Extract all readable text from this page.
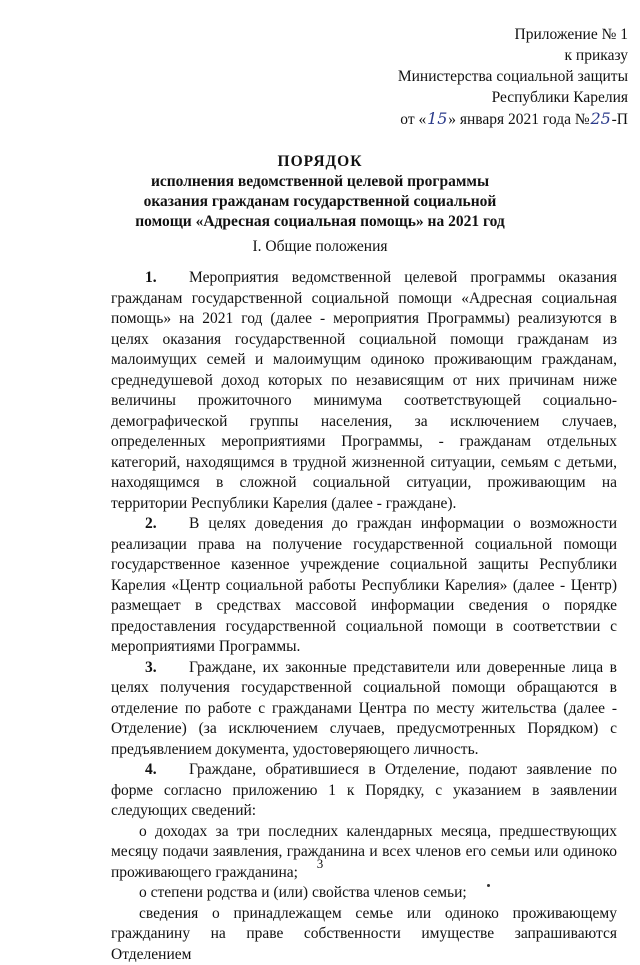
Приложение № 1
к приказу
Министерства социальной защиты
Республики Карелия
от «15» января 2021 года №25-П
ПОРЯДОК
исполнения ведомственной целевой программы
оказания гражданам государственной социальной
помощи «Адресная социальная помощь» на 2021 год
I. Общие положения

1. Мероприятия ведомственной целевой программы оказания гражданам государственной социальной помощи «Адресная социальная помощь» на 2021 год (далее - мероприятия Программы) реализуются в целях оказания государственной социальной помощи гражданам из малоимущих семей и малоимущим одиноко проживающим гражданам, среднедушевой доход которых по независящим от них причинам ниже величины прожиточного минимума соответствующей социально-демографической группы населения, за исключением случаев, определенных мероприятиями Программы, - гражданам отдельных категорий, находящимся в трудной жизненной ситуации, семьям с детьми, находящимся в сложной социальной ситуации, проживающим на территории Республики Карелия (далее - граждане).

2. В целях доведения до граждан информации о возможности реализации права на получение государственной социальной помощи государственное казенное учреждение социальной защиты Республики Карелия «Центр социальной работы Республики Карелия» (далее - Центр) размещает в средствах массовой информации сведения о порядке предоставления государственной социальной помощи в соответствии с мероприятиями Программы.

3. Граждане, их законные представители или доверенные лица в целях получения государственной социальной помощи обращаются в отделение по работе с гражданами Центра по месту жительства (далее - Отделение) (за исключением случаев, предусмотренных Порядком) с предъявлением документа, удостоверяющего личность.

4. Граждане, обратившиеся в Отделение, подают заявление по форме согласно приложению 1 к Порядку, с указанием в заявлении следующих сведений:

о доходах за три последних календарных месяца, предшествующих месяцу подачи заявления, гражданина и всех членов его семьи или одиноко проживающего гражданина;

о степени родства и (или) свойства членов семьи;

сведения о принадлежащем семье или одиноко проживающему гражданину на праве собственности имуществе запрашиваются Отделением

3
